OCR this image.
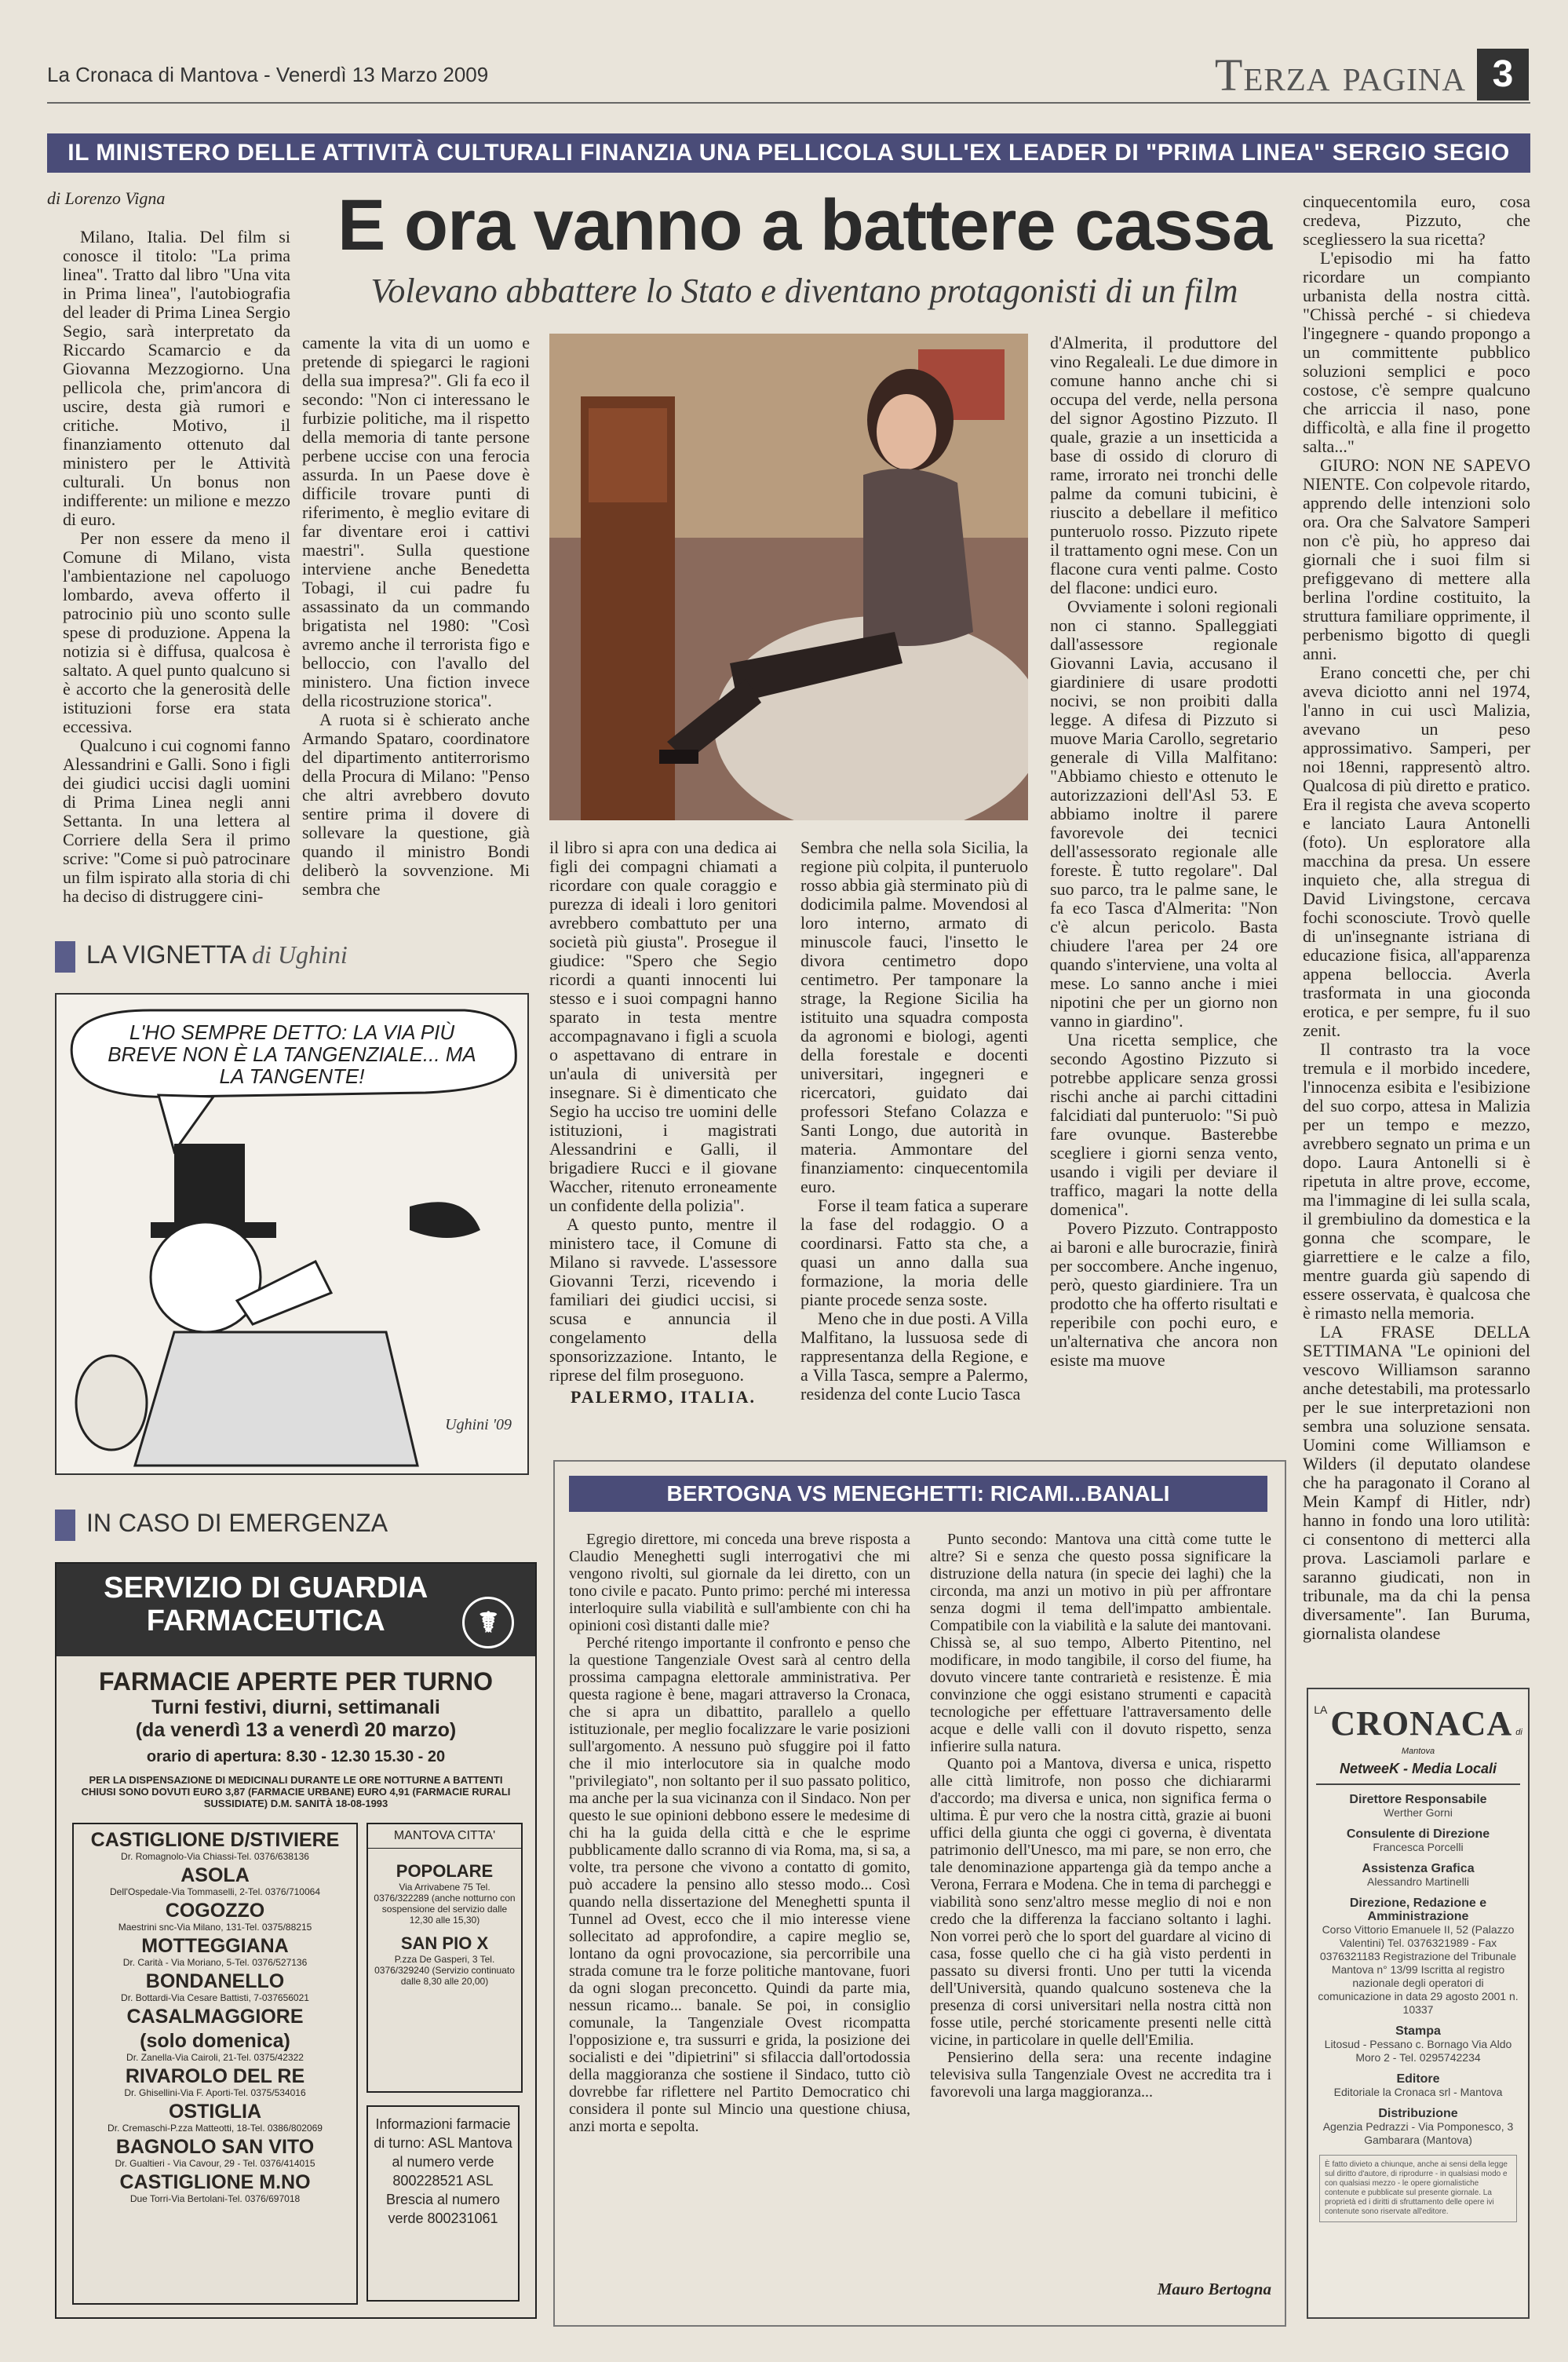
La Cronaca di Mantova - Venerdì 13 Marzo 2009	Terza pagina 3
IL MINISTERO DELLE ATTIVITÀ CULTURALI FINANZIA UNA PELLICOLA SULL'EX LEADER DI "PRIMA LINEA" SERGIO SEGIO
di Lorenzo Vigna	E ora vanno a battere cassa
Volevano abbattere lo Stato e diventano protagonisti di un film

Milano, Italia. Del film si conosce il titolo: "La prima linea". Tratto dal libro "Una vita in Prima linea", l'autobiografia del leader di Prima Linea Sergio Segio, sarà interpretato da Riccardo Scamarcio e da Giovanna Mezzogiorno. Una pellicola che, prim'ancora di uscire, desta già rumori e critiche. Motivo, il finanziamento ottenuto dal ministero per le Attività culturali. Un bonus non indifferente: un milione e mezzo di euro.

Per non essere da meno il Comune di Milano, vista l'ambientazione nel capoluogo lombardo, aveva offerto il patrocinio più uno sconto sulle spese di produzione. Appena la notizia si è diffusa, qualcosa è saltato. A quel punto qualcuno si è accorto che la generosità delle istituzioni forse era stata eccessiva.

Qualcuno i cui cognomi fanno Alessandrini e Galli. Sono i figli dei giudici uccisi dagli uomini di Prima Linea negli anni Settanta. In una lettera al Corriere della Sera il primo scrive: "Come si può patrocinare un film ispirato alla storia di chi ha deciso di distruggere cini-

camente la vita di un uomo e pretende di spiegarci le ragioni della sua impresa?". Gli fa eco il secondo: "Non ci interessano le furbizie politiche, ma il rispetto della memoria di tante persone perbene uccise con una ferocia assurda. In un Paese dove è difficile trovare punti di riferimento, è meglio evitare di far diventare eroi i cattivi maestri". Sulla questione interviene anche Benedetta Tobagi, il cui padre fu assassinato da un commando brigatista nel 1980: "Così avremo anche il terrorista figo e belloccio, con l'avallo del ministero. Una fiction invece della ricostruzione storica".

A ruota si è schierato anche Armando Spataro, coordinatore del dipartimento antiterrorismo della Procura di Milano: "Penso che altri avrebbero dovuto sentire prima il dovere di sollevare la questione, già quando il ministro Bondi deliberò la sovvenzione. Mi sembra che

il libro si apra con una dedica ai figli dei compagni chiamati a ricordare con quale coraggio e purezza di ideali i loro genitori avrebbero combattuto per una società più giusta". Prosegue il giudice: "Spero che Segio ricordi a quanti innocenti lui stesso e i suoi compagni hanno sparato in testa mentre accompagnavano i figli a scuola o aspettavano di entrare in un'aula di università per insegnare. Si è dimenticato che Segio ha ucciso tre uomini delle istituzioni, i magistrati Alessandrini e Galli, il brigadiere Rucci e il giovane Waccher, ritenuto erroneamente un confidente della polizia".

A questo punto, mentre il ministero tace, il Comune di Milano si ravvede. L'assessore Giovanni Terzi, ricevendo i familiari dei giudici uccisi, si scusa e annuncia il congelamento della sponsorizzazione. Intanto, le riprese del film proseguono.

PALERMO, ITALIA.

Sembra che nella sola Sicilia, la regione più colpita, il punteruolo rosso abbia già sterminato più di dodicimila palme. Movendosi al loro interno, armato di minuscole fauci, l'insetto le divora centimetro dopo centimetro. Per tamponare la strage, la Regione Sicilia ha istituito una squadra composta da agronomi e biologi, agenti della forestale e docenti universitari, ingegneri e ricercatori, guidato dai professori Stefano Colazza e Santi Longo, due autorità in materia. Ammontare del finanziamento: cinquecentomila euro.

Forse il team fatica a superare la fase del rodaggio. O a coordinarsi. Fatto sta che, a quasi un anno dalla sua formazione, la moria delle piante procede senza soste.

Meno che in due posti. A Villa Malfitano, la lussuosa sede di rappresentanza della Regione, e a Villa Tasca, sempre a Palermo, residenza del conte Lucio Tasca

d'Almerita, il produttore del vino Regaleali. Le due dimore in comune hanno anche chi si occupa del verde, nella persona del signor Agostino Pizzuto. Il quale, grazie a un insetticida a base di ossido di cloruro di rame, irrorato nei tronchi delle palme da comuni tubicini, è riuscito a debellare il mefitico punteruolo rosso. Pizzuto ripete il trattamento ogni mese. Con un flacone cura venti palme. Costo del flacone: undici euro.

Ovviamente i soloni regionali non ci stanno. Spalleggiati dall'assessore regionale Giovanni Lavia, accusano il giardiniere di usare prodotti nocivi, se non proibiti dalla legge. A difesa di Pizzuto si muove Maria Carollo, segretario generale di Villa Malfitano: "Abbiamo chiesto e ottenuto le autorizzazioni dell'Asl 53. E abbiamo inoltre il parere favorevole dei tecnici dell'assessorato regionale alle foreste. È tutto regolare". Dal suo parco, tra le palme sane, le fa eco Tasca d'Almerita: "Non c'è alcun pericolo. Basta chiudere l'area per 24 ore quando s'interviene, una volta al mese. Lo sanno anche i miei nipotini che per un giorno non vanno in giardino".

Una ricetta semplice, che secondo Agostino Pizzuto si potrebbe applicare senza grossi rischi anche ai parchi cittadini falcidiati dal punteruolo: "Si può fare ovunque. Basterebbe scegliere i giorni senza vento, usando i vigili per deviare il traffico, magari la notte della domenica".

Povero Pizzuto. Contrapposto ai baroni e alle burocrazie, finirà per soccombere. Anche ingenuo, però, questo giardiniere. Tra un prodotto che ha offerto risultati e reperibile con pochi euro, e un'alternativa che ancora non esiste ma muove

cinquecentomila euro, cosa credeva, Pizzuto, che scegliessero la sua ricetta?

L'episodio mi ha fatto ricordare un compianto urbanista della nostra città. "Chissà perché - si chiedeva l'ingegnere - quando propongo a un committente pubblico soluzioni semplici e poco costose, c'è sempre qualcuno che arriccia il naso, pone difficoltà, e alla fine il progetto salta..."

GIURO: NON NE SAPEVO NIENTE. Con colpevole ritardo, apprendo delle intenzioni solo ora. Ora che Salvatore Samperi non c'è più, ho appreso dai giornali che i suoi film si prefiggevano di mettere alla berlina l'ordine costituito, la struttura familiare opprimente, il perbenismo bigotto di quegli anni.

Erano concetti che, per chi aveva diciotto anni nel 1974, l'anno in cui uscì Malizia, avevano un peso approssimativo. Samperi, per noi 18enni, rappresentò altro. Qualcosa di più diretto e pratico. Era il regista che aveva scoperto e lanciato Laura Antonelli (foto). Un esploratore alla macchina da presa. Un essere inquieto che, alla stregua di David Livingstone, cercava fochi sconosciute. Trovò quelle di un'insegnante istriana di educazione fisica, all'apparenza appena belloccia. Averla trasformata in una gioconda erotica, e per sempre, fu il suo zenit.

Il contrasto tra la voce tremula e il morbido incedere, l'innocenza esibita e l'esibizione del suo corpo, attesa in Malizia per un tempo e mezzo, avrebbero segnato un prima e un dopo. Laura Antonelli si è ripetuta in altre prove, eccome, ma l'immagine di lei sulla scala, il grembiulino da domestica e la gonna che scompare, le giarrettiere e le calze a filo, mentre guarda giù sapendo di essere osservata, è qualcosa che è rimasto nella memoria.

LA FRASE DELLA SETTIMANA "Le opinioni del vescovo Williamson saranno anche detestabili, ma protessarlo per le sue interpretazioni non sembra una soluzione sensata. Uomini come Williamson e Wilders (il deputato olandese che ha paragonato il Corano al Mein Kampf di Hitler, ndr) hanno in fondo una loro utilità: ci consentono di metterci alla prova. Lasciamoli parlare e saranno giudicati, non in tribunale, ma da chi la pensa diversamente". Ian Buruma, giornalista olandese

LA VIGNETTA di Ughini
L'HO SEMPRE DETTO: LA VIA PIÙ BREVE NON È LA TANGENZIALE... MA LA TANGENTE!
Ughini '09
IN CASO DI EMERGENZA
SERVIZIO DI GUARDIA FARMACEUTICA	☤
FARMACIE APERTE PER TURNO
Turni festivi, diurni, settimanali
(da venerdì 13 a venerdì 20 marzo)
orario di apertura: 8.30 - 12.30 15.30 - 20
PER LA DISPENSAZIONE DI MEDICINALI DURANTE LE ORE NOTTURNE A BATTENTI CHIUSI SONO DOVUTI EURO 3,87 (FARMACIE URBANE) EURO 4,91 (FARMACIE RURALI SUSSIDIATE) D.M. SANITÀ 18-08-1993
CASTIGLIONE D/STIVIERE
Dr. Romagnolo-Via Chiassi-Tel. 0376/638136
ASOLA
Dell'Ospedale-Via Tommaselli, 2-Tel. 0376/710064
COGOZZO
Maestrini snc-Via Milano, 131-Tel. 0375/88215
MOTTEGGIANA
Dr. Carità - Via Moriano, 5-Tel. 0376/527136
BONDANELLO
Dr. Bottardi-Via Cesare Battisti, 7-037656021
CASALMAGGIORE
(solo domenica)
Dr. Zanella-Via Cairoli, 21-Tel. 0375/42322
RIVAROLO DEL RE
Dr. Ghisellini-Via F. Aporti-Tel. 0375/534016
OSTIGLIA
Dr. Cremaschi-P.zza Matteotti, 18-Tel. 0386/802069
BAGNOLO SAN VITO
Dr. Gualtieri - Via Cavour, 29 - Tel. 0376/414015
CASTIGLIONE M.NO
Due Torri-Via Bertolani-Tel. 0376/697018
MANTOVA CITTA'
POPOLARE
Via Arrivabene 75 Tel. 0376/322289 (anche notturno con sospensione del servizio dalle 12,30 alle 15,30)
SAN PIO X
P.zza De Gasperi, 3 Tel. 0376/329240 (Servizio continuato dalle 8,30 alle 20,00)
Informazioni farmacie di turno: ASL Mantova al numero verde 800228521 ASL Brescia al numero verde 800231061
BERTOGNA VS MENEGHETTI: RICAMI...BANALI

Egregio direttore, mi conceda una breve risposta a Claudio Meneghetti sugli interrogativi che mi vengono rivolti, sul giornale da lei diretto, con un tono civile e pacato. Punto primo: perché mi interessa interloquire sulla viabilità e sull'ambiente con chi ha opinioni così distanti dalle mie?

Perché ritengo importante il confronto e penso che la questione Tangenziale Ovest sarà al centro della prossima campagna elettorale amministrativa. Per questa ragione è bene, magari attraverso la Cronaca, che si apra un dibattito, parallelo a quello istituzionale, per meglio focalizzare le varie posizioni sull'argomento. A nessuno può sfuggire poi il fatto che il mio interlocutore sia in qualche modo "privilegiato", non soltanto per il suo passato politico, ma anche per la sua vicinanza con il Sindaco. Non per questo le sue opinioni debbono essere le medesime di chi ha la guida della città e che le esprime pubblicamente dallo scranno di via Roma, ma, si sa, a volte, tra persone che vivono a contatto di gomito, può accadere la pensino allo stesso modo... Così quando nella dissertazione del Meneghetti spunta il Tunnel ad Ovest, ecco che il mio interesse viene sollecitato ad approfondire, a capire meglio se, lontano da ogni provocazione, sia percorribile una strada comune tra le forze politiche mantovane, fuori da ogni slogan preconcetto. Quindi da parte mia, nessun ricamo... banale. Se poi, in consiglio comunale, la Tangenziale Ovest ricompatta l'opposizione e, tra sussurri e grida, la posizione dei socialisti e dei "dipietrini" si sfilaccia dall'ortodossia della maggioranza che sostiene il Sindaco, tutto ciò dovrebbe far riflettere nel Partito Democratico chi considera il ponte sul Mincio una questione chiusa, anzi morta e sepolta.

Punto secondo: Mantova una città come tutte le altre? Si e senza che questo possa significare la distruzione della natura (in specie dei laghi) che la circonda, ma anzi un motivo in più per affrontare senza dogmi il tema dell'impatto ambientale. Compatibile con la viabilità e la salute dei mantovani. Chissà se, al suo tempo, Alberto Pitentino, nel modificare, in modo tangibile, il corso del fiume, ha dovuto vincere tante contrarietà e resistenze. È mia convinzione che oggi esistano strumenti e capacità tecnologiche per effettuare l'attraversamento delle acque e delle valli con il dovuto rispetto, senza infierire sulla natura.

Quanto poi a Mantova, diversa e unica, rispetto alle città limitrofe, non posso che dichiararmi d'accordo; ma diversa e unica, non significa ferma o ultima. È pur vero che la nostra città, grazie ai buoni uffici della giunta che oggi ci governa, è diventata patrimonio dell'Unesco, ma mi pare, se non erro, che tale denominazione appartenga già da tempo anche a Verona, Ferrara e Modena. Che in tema di parcheggi e viabilità sono senz'altro messe meglio di noi e non credo che la differenza la facciano soltanto i laghi. Non vorrei però che lo sport del guardare al vicino di casa, fosse quello che ci ha già visto perdenti in passato su diversi fronti. Uno per tutti la vicenda dell'Università, quando qualcuno sosteneva che la presenza di corsi universitari nella nostra città non fosse utile, perché storicamente presenti nelle città vicine, in particolare in quelle dell'Emilia.

Pensierino della sera: una recente indagine televisiva sulla Tangenziale Ovest ne accredita tra i favorevoli una larga maggioranza...

Mauro Bertogna
LA CRONACA di Mantova
NetweeK - Media Locali
Direttore Responsabile
Werther Gorni
Consulente di Direzione
Francesca Porcelli
Assistenza Grafica
Alessandro Martinelli
Direzione, Redazione e Amministrazione
Corso Vittorio Emanuele II, 52 (Palazzo Valentini) Tel. 0376321989 - Fax 0376321183 Registrazione del Tribunale Mantova n° 13/99 Iscritta al registro nazionale degli operatori di comunicazione in data 29 agosto 2001 n. 10337
Stampa
Litosud - Pessano c. Bornago Via Aldo Moro 2 - Tel. 0295742234
Editore
Editoriale la Cronaca srl - Mantova
Distribuzione
Agenzia Pedrazzi - Via Pomponesco, 3 Gambarara (Mantova)
È fatto divieto a chiunque, anche ai sensi della legge sul diritto d'autore, di riprodurre - in qualsiasi modo e con qualsiasi mezzo - le opere giornalistiche contenute e pubblicate sul presente giornale. La proprietà ed i diritti di sfruttamento delle opere ivi contenute sono riservate all'editore.
